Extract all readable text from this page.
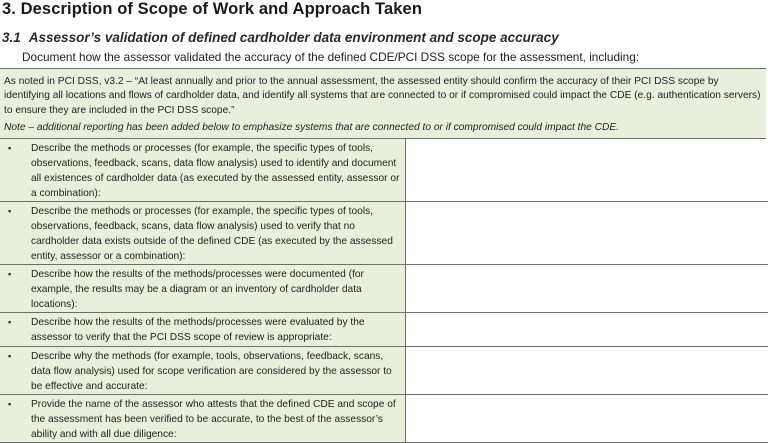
3. Description of Scope of Work and Approach Taken
3.1 Assessor’s validation of defined cardholder data environment and scope accuracy
Document how the assessor validated the accuracy of the defined CDE/PCI DSS scope for the assessment, including:

As noted in PCI DSS, v3.2 – “At least annually and prior to the annual assessment, the assessed entity should confirm the accuracy of their PCI DSS scope by identifying all locations and flows of cardholder data, and identify all systems that are connected to or if compromised could impact the CDE (e.g. authentication servers) to ensure they are included in the PCI DSS scope.”

Note – additional reporting has been added below to emphasize systems that are connected to or if compromised could impact the CDE.

▪ Describe the methods or processes (for example, the specific types of tools, observations, feedback, scans, data flow analysis) used to identify and document all existences of cardholder data (as executed by the assessed entity, assessor or a combination):	

▪ Describe the methods or processes (for example, the specific types of tools, observations, feedback, scans, data flow analysis) used to verify that no cardholder data exists outside of the defined CDE (as executed by the assessed entity, assessor or a combination):	

▪ Describe how the results of the methods/processes were documented (for example, the results may be a diagram or an inventory of cardholder data locations):	

▪ Describe how the results of the methods/processes were evaluated by the assessor to verify that the PCI DSS scope of review is appropriate:	

▪ Describe why the methods (for example, tools, observations, feedback, scans, data flow analysis) used for scope verification are considered by the assessor to be effective and accurate:	

▪ Provide the name of the assessor who attests that the defined CDE and scope of the assessment has been verified to be accurate, to the best of the assessor’s ability and with all due diligence:	
